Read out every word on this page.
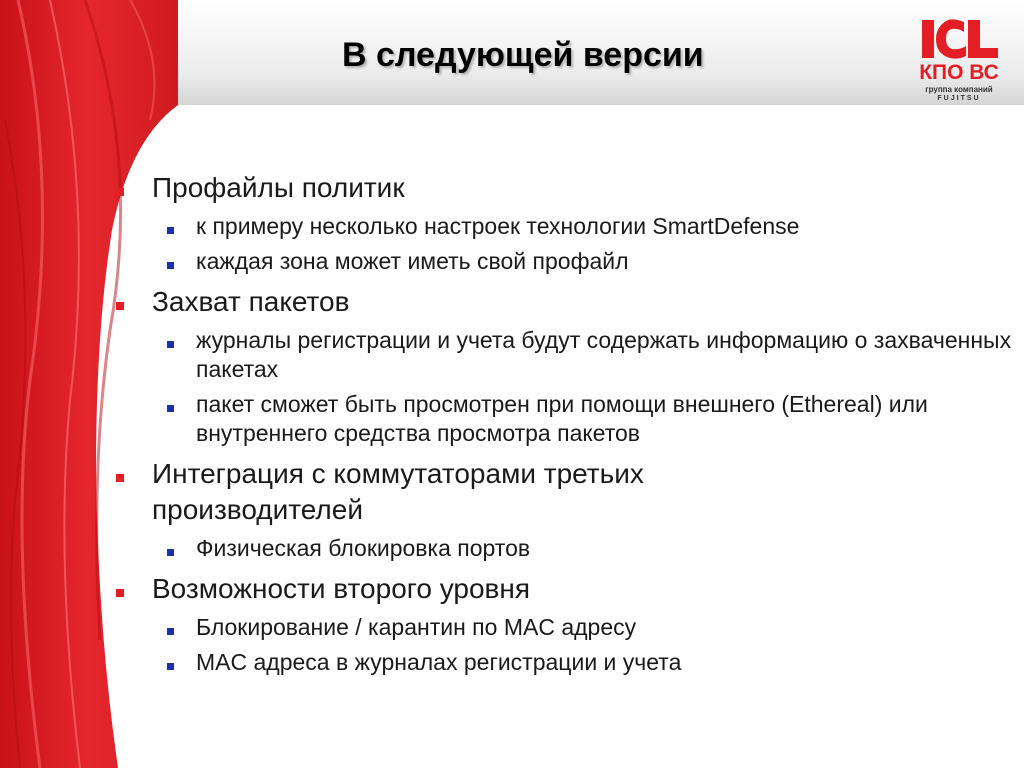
В следующей версии	КПО ВС
группа компаний
FUJITSU
Профайлы политик
к примеру несколько настроек технологии SmartDefense
каждая зона может иметь свой профайл
Захват пакетов
журналы регистрации и учета будут содержать информацию о захваченных пакетах
пакет сможет быть просмотрен при помощи внешнего (Ethereal) или внутреннего средства просмотра пакетов
Интеграция с коммутаторами третьих производителей
Физическая блокировка портов
Возможности второго уровня
Блокирование / карантин по MAC адресу
MAC адреса в журналах регистрации и учета
